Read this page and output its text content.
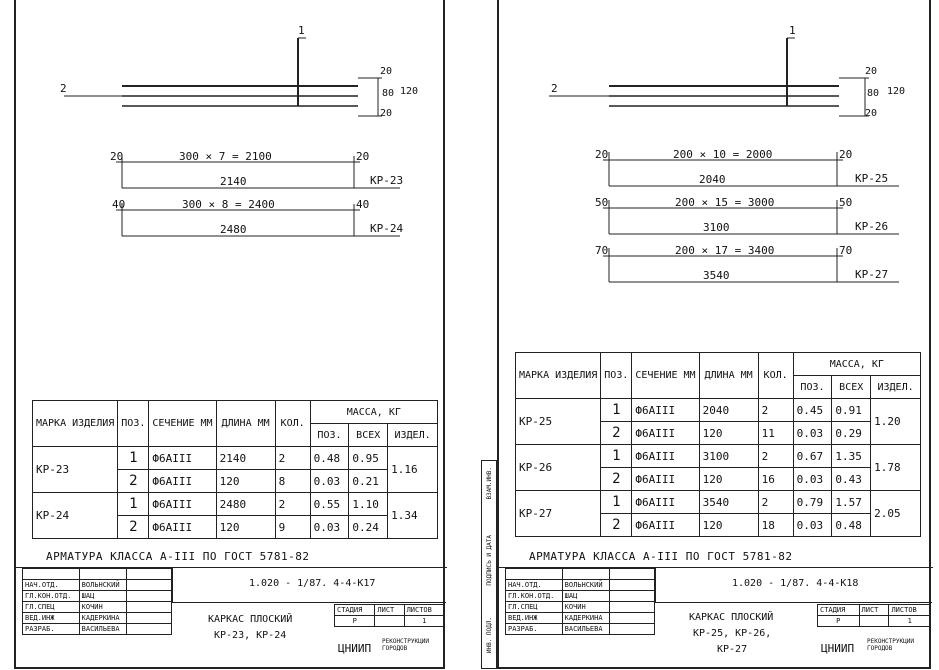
1
2
20
80
20
120
20	300 × 7 = 2100	20
2140	КР-23
40	300 × 8 = 2400	40
2480	КР-24
МАРКА ИЗДЕЛИЯ	ПОЗ.	СЕЧЕНИЕ ММ	ДЛИНА ММ	КОЛ.	МАССА, КГ		
					ПОЗ.	ВСЕХ	ИЗДЕЛ.
КР-23	1	Ф6АIII	2140	2	0.48	0.95	1.16
	2	Ф6АIII	120	8	0.03	0.21	
КР-24	1	Ф6АIII	2480	2	0.55	1.10	1.34
	2	Ф6АIII	120	9	0.03	0.24	
АРМАТУРА КЛАССА А-III ПО ГОСТ 5781-82

НАЧ.ОТД.	ВОЛЬНСКИЙ	
ГЛ.КОН.ОТД.	ШАЦ	
ГЛ.СПЕЦ	КОЧИН	
ВЕД.ИНЖ	КАДЕРКИНА	
РАЗРАБ.	ВАСИЛЬЕВА	
1.020 - 1/87. 4-4-К17
КАРКАС ПЛОСКИЙ
КР-23, КР-24
СТАДИЯ	ЛИСТ	ЛИСТОВ
Р		1
ЦНИИП
РЕКОНСТРУКЦИИ ГОРОДОВ
1
2
20
80
20
120
20	200 × 10 = 2000	20
2040	КР-25
50	200 × 15 = 3000	50
3100	КР-26
70	200 × 17 = 3400	70
3540	КР-27
МАРКА ИЗДЕЛИЯ	ПОЗ.	СЕЧЕНИЕ ММ	ДЛИНА ММ	КОЛ.	МАССА, КГ		
					ПОЗ.	ВСЕХ	ИЗДЕЛ.
КР-25	1	Ф6АIII	2040	2	0.45	0.91	1.20
	2	Ф6АIII	120	11	0.03	0.29	
КР-26	1	Ф6АIII	3100	2	0.67	1.35	1.78
	2	Ф6АIII	120	16	0.03	0.43	
КР-27	1	Ф6АIII	3540	2	0.79	1.57	2.05
	2	Ф6АIII	120	18	0.03	0.48	
АРМАТУРА КЛАССА А-III ПО ГОСТ 5781-82
ВЗАМ.ИНВ.
ПОДПИСЬ И ДАТА
ИНВ. ПОДЛ.

НАЧ.ОТД.	ВОЛЬНСКИЙ	
ГЛ.КОН.ОТД.	ШАЦ	
ГЛ.СПЕЦ	КОЧИН	
ВЕД.ИНЖ	КАДЕРКИНА	
РАЗРАБ.	ВАСИЛЬЕВА	
1.020 - 1/87. 4-4-К18
КАРКАС ПЛОСКИЙ
КР-25, КР-26,
КР-27
СТАДИЯ	ЛИСТ	ЛИСТОВ
Р		1
ЦНИИП
РЕКОНСТРУКЦИИ ГОРОДОВ
